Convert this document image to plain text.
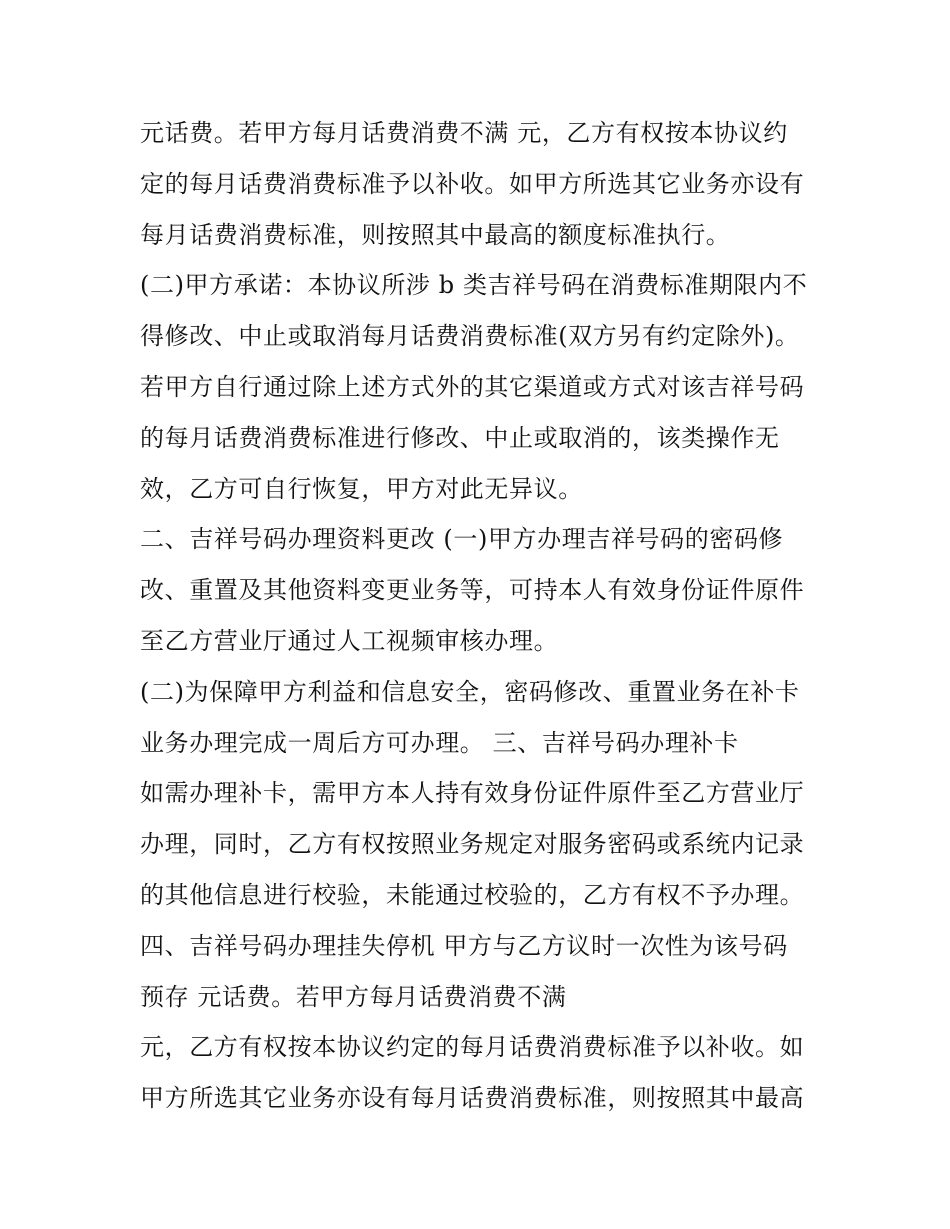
元话费。若甲方每月话费消费不满 元，乙方有权按本协议约
定的每月话费消费标准予以补收。如甲方所选其它业务亦设有
每月话费消费标准，则按照其中最高的额度标准执行。
(二)甲方承诺：本协议所涉 b 类吉祥号码在消费标准期限内不
得修改、中止或取消每月话费消费标准(双方另有约定除外)。
若甲方自行通过除上述方式外的其它渠道或方式对该吉祥号码
的每月话费消费标准进行修改、中止或取消的，该类操作无
效，乙方可自行恢复，甲方对此无异议。
二、吉祥号码办理资料更改 (一)甲方办理吉祥号码的密码修
改、重置及其他资料变更业务等，可持本人有效身份证件原件
至乙方营业厅通过人工视频审核办理。
(二)为保障甲方利益和信息安全，密码修改、重置业务在补卡
业务办理完成一周后方可办理。 三、吉祥号码办理补卡
如需办理补卡，需甲方本人持有效身份证件原件至乙方营业厅
办理，同时，乙方有权按照业务规定对服务密码或系统内记录
的其他信息进行校验，未能通过校验的，乙方有权不予办理。
四、吉祥号码办理挂失停机 甲方与乙方议时一次性为该号码
预存 元话费。若甲方每月话费消费不满
元，乙方有权按本协议约定的每月话费消费标准予以补收。如
甲方所选其它业务亦设有每月话费消费标准，则按照其中最高
